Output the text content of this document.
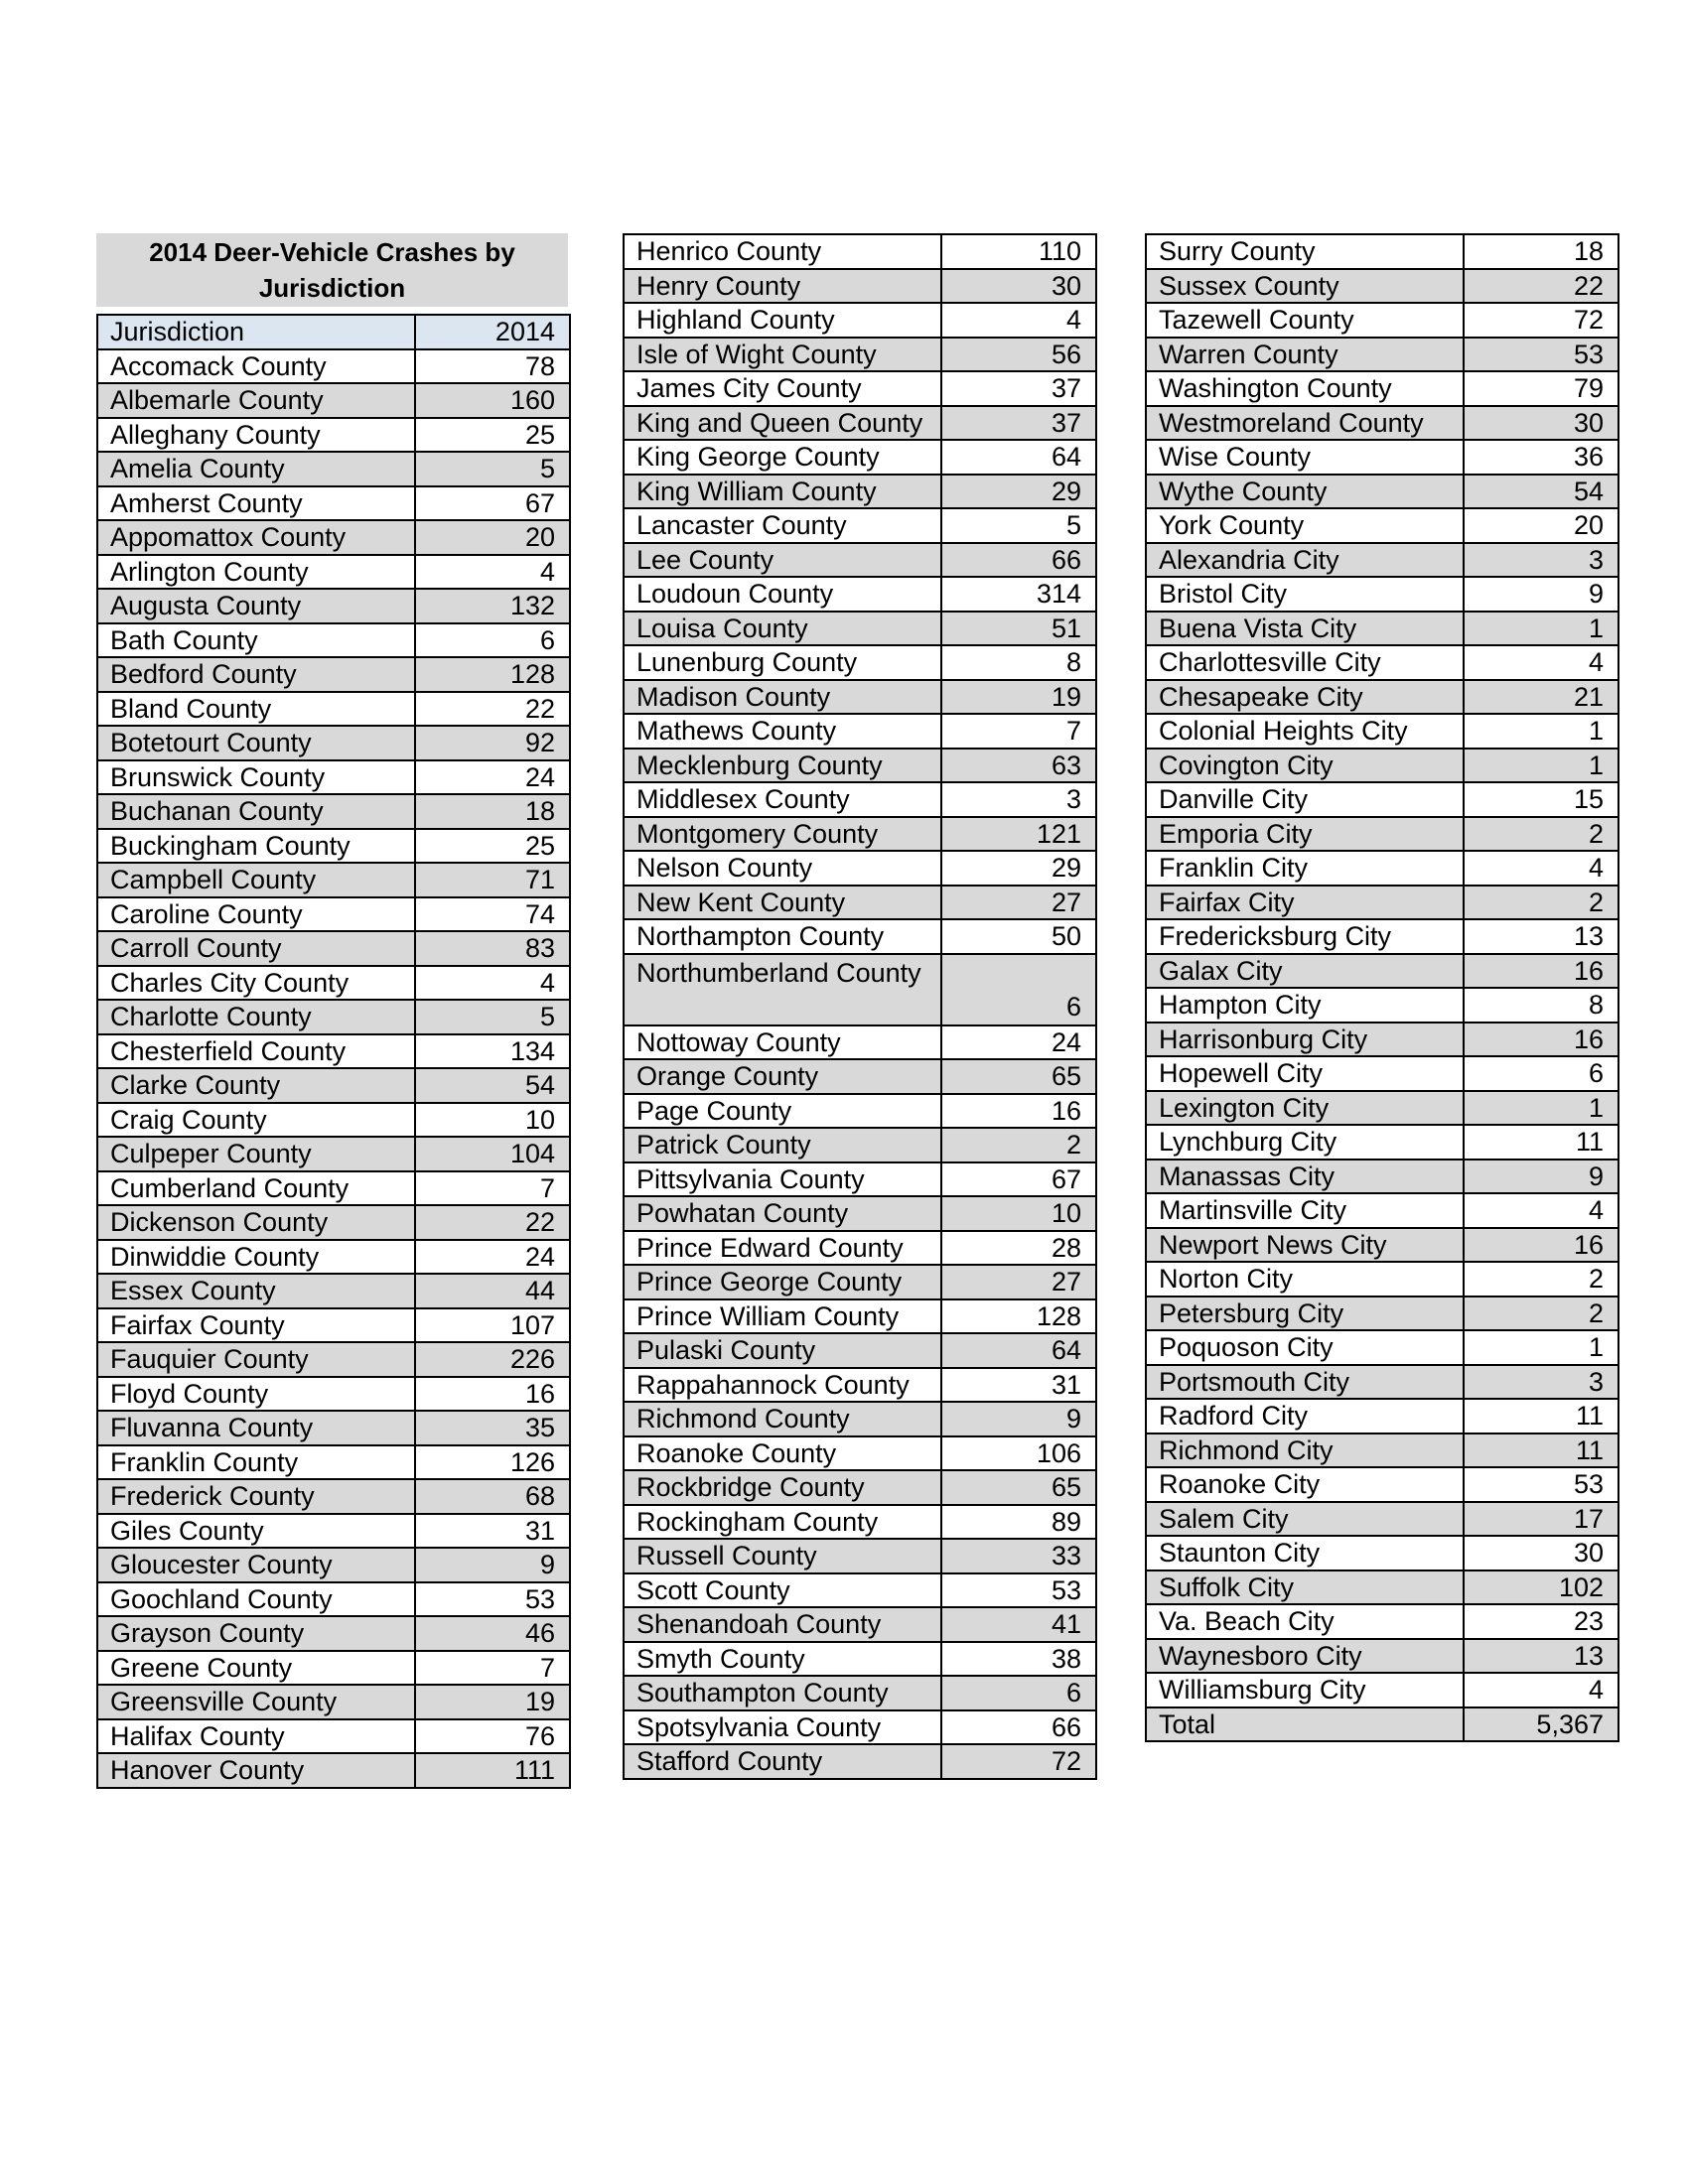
2014 Deer-Vehicle Crashes by Jurisdiction
Jurisdiction	2014
Accomack County	78
Albemarle County	160
Alleghany County	25
Amelia County	5
Amherst County	67
Appomattox County	20
Arlington County	4
Augusta County	132
Bath County	6
Bedford County	128
Bland County	22
Botetourt County	92
Brunswick County	24
Buchanan County	18
Buckingham County	25
Campbell County	71
Caroline County	74
Carroll County	83
Charles City County	4
Charlotte County	5
Chesterfield County	134
Clarke County	54
Craig County	10
Culpeper County	104
Cumberland County	7
Dickenson County	22
Dinwiddie County	24
Essex County	44
Fairfax County	107
Fauquier County	226
Floyd County	16
Fluvanna County	35
Franklin County	126
Frederick County	68
Giles County	31
Gloucester County	9
Goochland County	53
Grayson County	46
Greene County	7
Greensville County	19
Halifax County	76
Hanover County	111
Henrico County	110
Henry County	30
Highland County	4
Isle of Wight County	56
James City County	37
King and Queen County	37
King George County	64
King William County	29
Lancaster County	5
Lee County	66
Loudoun County	314
Louisa County	51
Lunenburg County	8
Madison County	19
Mathews County	7
Mecklenburg County	63
Middlesex County	3
Montgomery County	121
Nelson County	29
New Kent County	27
Northampton County	50
Northumberland County	6
Nottoway County	24
Orange County	65
Page County	16
Patrick County	2
Pittsylvania County	67
Powhatan County	10
Prince Edward County	28
Prince George County	27
Prince William County	128
Pulaski County	64
Rappahannock County	31
Richmond County	9
Roanoke County	106
Rockbridge County	65
Rockingham County	89
Russell County	33
Scott County	53
Shenandoah County	41
Smyth County	38
Southampton County	6
Spotsylvania County	66
Stafford County	72
Surry County	18
Sussex County	22
Tazewell County	72
Warren County	53
Washington County	79
Westmoreland County	30
Wise County	36
Wythe County	54
York County	20
Alexandria City	3
Bristol City	9
Buena Vista City	1
Charlottesville City	4
Chesapeake City	21
Colonial Heights City	1
Covington City	1
Danville City	15
Emporia City	2
Franklin City	4
Fairfax City	2
Fredericksburg City	13
Galax City	16
Hampton City	8
Harrisonburg City	16
Hopewell City	6
Lexington City	1
Lynchburg City	11
Manassas City	9
Martinsville City	4
Newport News City	16
Norton City	2
Petersburg City	2
Poquoson City	1
Portsmouth City	3
Radford City	11
Richmond City	11
Roanoke City	53
Salem City	17
Staunton City	30
Suffolk City	102
Va. Beach City	23
Waynesboro City	13
Williamsburg City	4
Total	5,367
